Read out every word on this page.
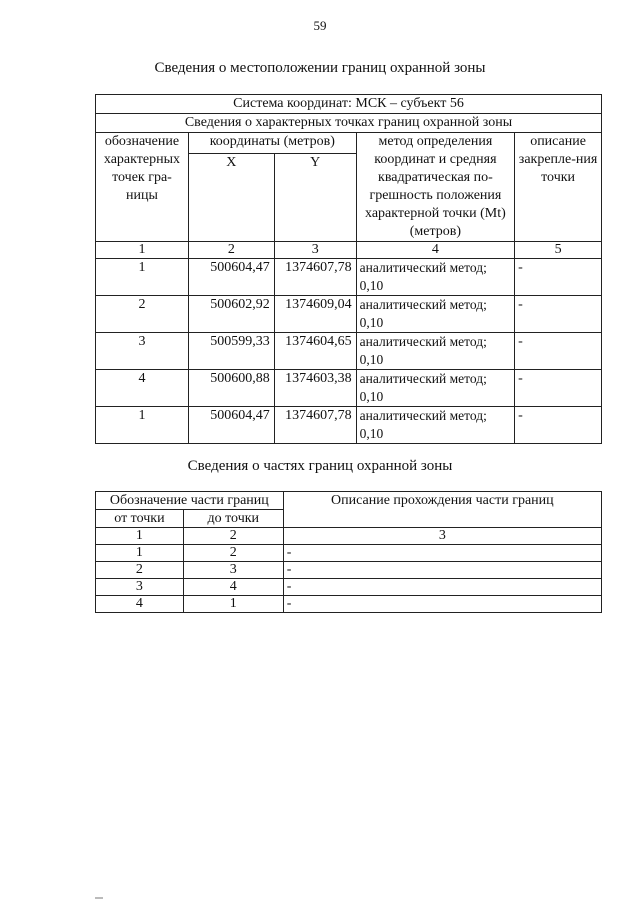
59
Сведения о местоположении границ охранной зоны
Система координат: МСК – субъект 56				
Сведения о характерных точках границ охранной зоны				
обозначение характерных точек гра-ницы	координаты (метров)		метод определения координат и средняя квадратическая по-грешность положения характерной точки (Mt) (метров)	описание закрепле-ния точки
	X	Y		
1	2	3	4	5
1	500604,47	1374607,78	аналитический метод; 0,10	-
2	500602,92	1374609,04	аналитический метод; 0,10	-
3	500599,33	1374604,65	аналитический метод; 0,10	-
4	500600,88	1374603,38	аналитический метод; 0,10	-
1	500604,47	1374607,78	аналитический метод; 0,10	-
Сведения о частях границ охранной зоны
Обозначение части границ		Описание прохождения части границ
от точки	до точки	
1	2	3
1	2	-
2	3	-
3	4	-
4	1	-
